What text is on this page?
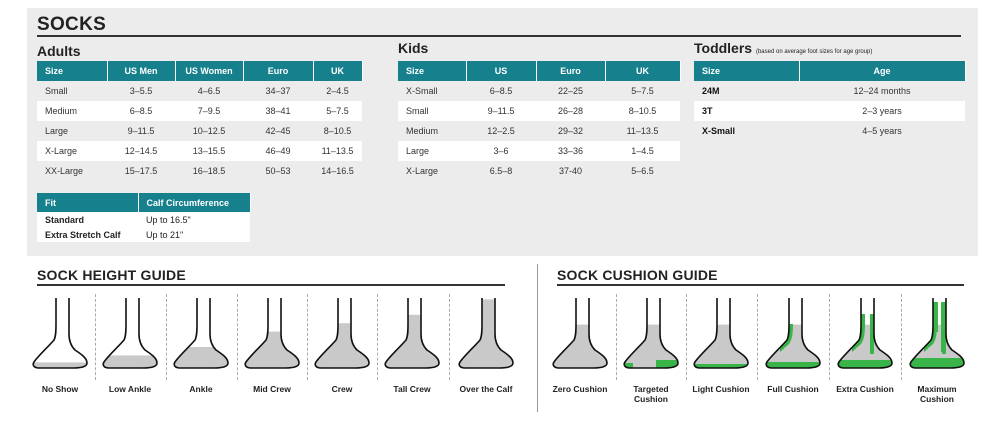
SOCKS
Adults
Size	US Men	US Women	Euro	UK
Small	3–5.5	4–6.5	34–37	2–4.5
Medium	6–8.5	7–9.5	38–41	5–7.5
Large	9–11.5	10–12.5	42–45	8–10.5
X-Large	12–14.5	13–15.5	46–49	11–13.5
XX-Large	15–17.5	16–18.5	50–53	14–16.5
Fit	Calf Circumference
Standard	Up to 16.5"
Extra Stretch Calf	Up to 21"
Kids
Size	US	Euro	UK
X-Small	6–8.5	22–25	5–7.5
Small	9–11.5	26–28	8–10.5
Medium	12–2.5	29–32	11–13.5
Large	3–6	33–36	1–4.5
X-Large	6.5–8	37-40	5–6.5
Toddlers (based on average foot sizes for age group)
Size	Age
24M	12–24 months
3T	2–3 years
X-Small	4–5 years
SOCK HEIGHT GUIDE	SOCK CUSHION GUIDE
No Show	Low Ankle	Ankle	Mid Crew	Crew	Tall Crew	Over the Calf	Zero Cushion	Targeted
Cushion
Light Cushion	Full Cushion	Extra Cushion	Maximum
Cushion
